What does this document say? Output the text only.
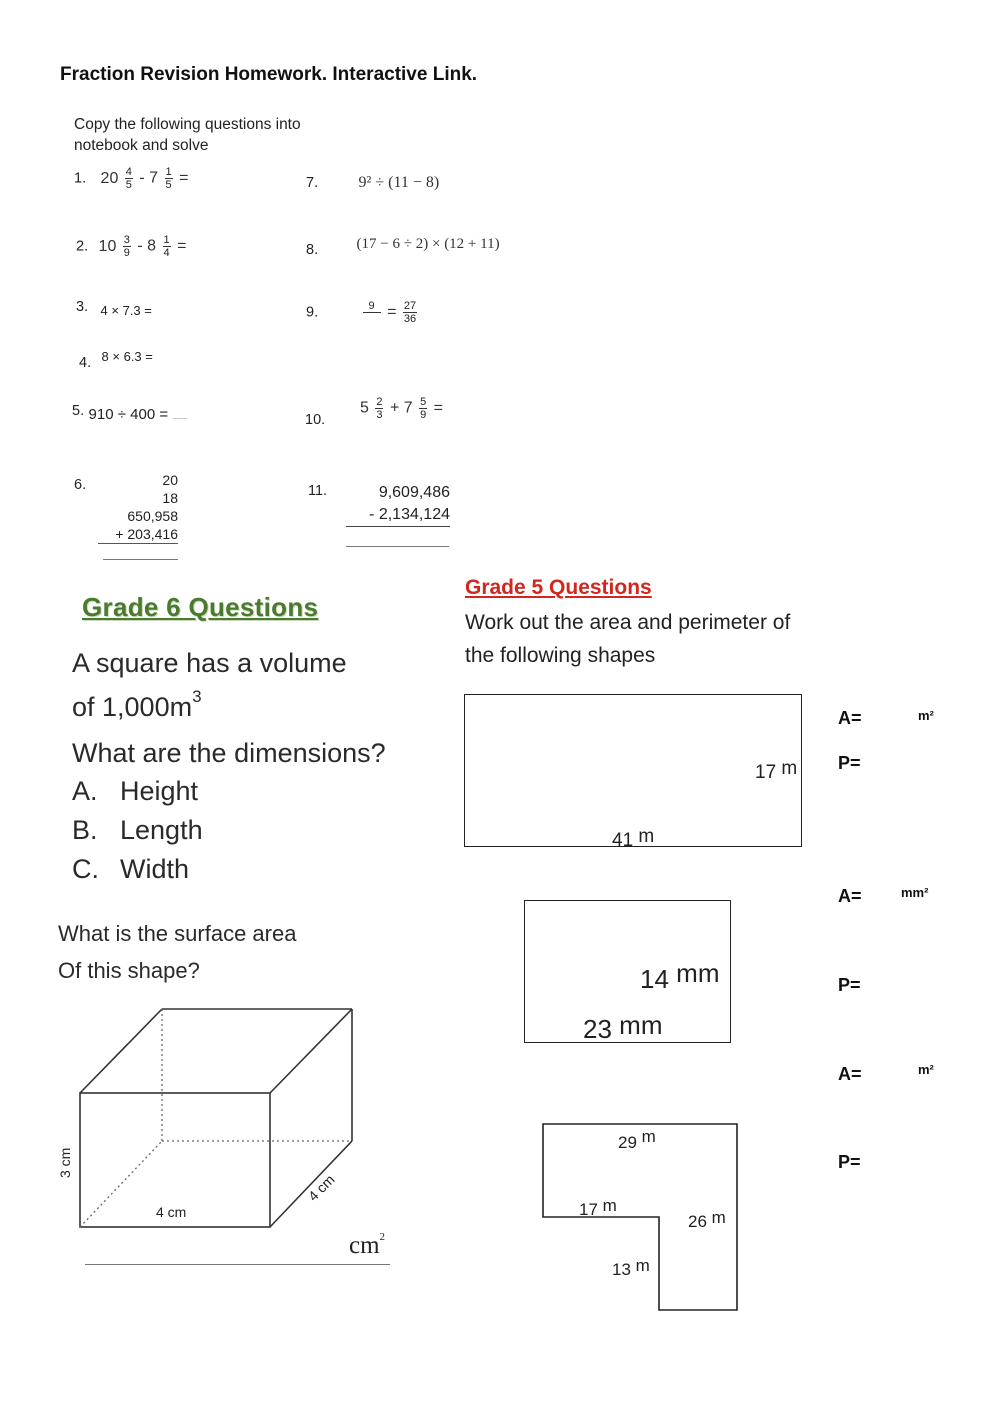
Fraction Revision Homework. Interactive Link.
Copy the following questions into notebook and solve
1. $20 \frac{4}{5} - 7 \frac{1}{5}$ =
2. $10 \frac{3}{9} - 8 \frac{1}{4}$ =
3. $_{4 \times 7.3 =}$
4. 8 × 6.3 =
5. 910 ÷ 400 =
6.	20
18
650,958
+ 203,416
7.	9² ÷ (11 − 8)
8.	(17 − 6 ÷ 2) × (12 + 11)
9.	9
= $\frac{27}{36}$
10.
$5 \frac{2}{3} + 7 \frac{5}{9}$ =
11.	9,609,486
- 2,134,124
Grade 6 Questions
A square has a volume
of $1,000m^3$
What are the dimensions?
A. Height
B. Length
C. Width
What is the surface area
Of this shape?
3 cm
4 cm
4 cm
$cm^2$
Grade 5 Questions
Work out the area and perimeter of
the following shapes
17 m
41 m
14 mm
23 mm
29 m
17 m
26 m
13 m
A=	m²
P=
A=	mm²
P=
A=	m²
P=
